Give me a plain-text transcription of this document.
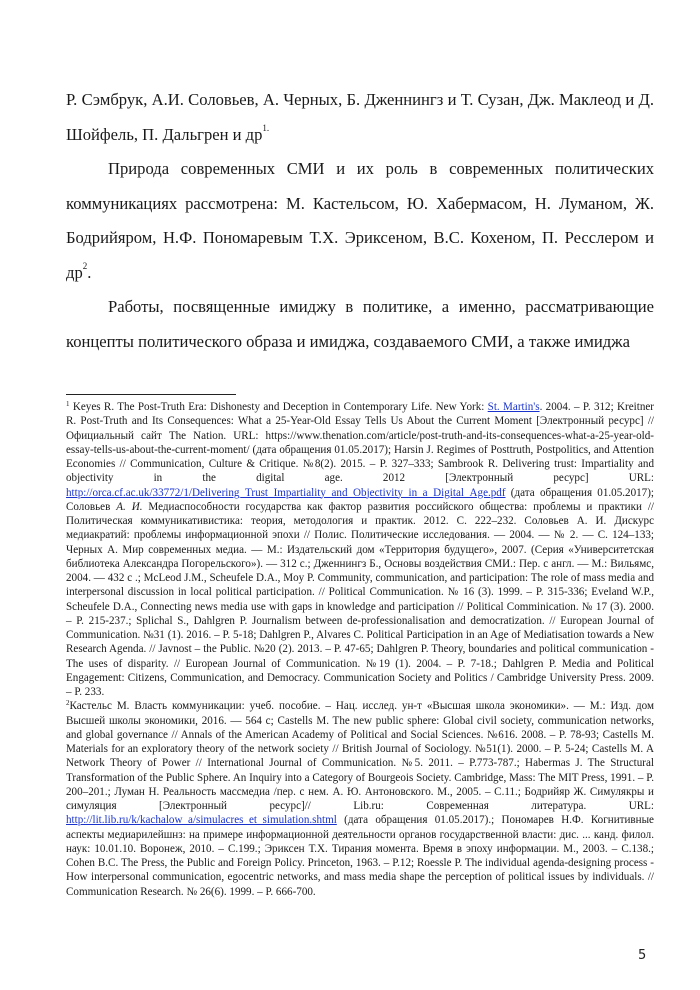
Р. Сэмбрук, А.И. Соловьев, А. Черных, Б. Дженнингз и Т. Сузан, Дж. Маклеод и Д. Шойфель, П. Дальгрен и др$^{1.}$

Природа современных СМИ и их роль в современных политических коммуникациях рассмотрена: М. Кастельсом, Ю. Хабермасом, Н. Луманом, Ж. Бодрийяром, Н.Ф. Пономаревым Т.Х. Эриксеном, В.С. Кохеном, П. Ресслером и др$^2$.

Работы, посвященные имиджу в политике, а именно, рассматривающие концепты политического образа и имиджа, создаваемого СМИ, а также имиджа

$^1$ Keyes R. The Post-Truth Era: Dishonesty and Deception in Contemporary Life. New York: St. Martin's. 2004. – P. 312; Kreitner R. Post-Truth and Its Consequences: What a 25-Year-Old Essay Tells Us About the Current Moment [Электронный ресурс] // Официальный сайт The Nation. URL: https://www.thenation.com/article/post-truth-and-its-consequences-what-a-25-year-old-essay-tells-us-about-the-current-moment/ (дата обращения 01.05.2017); Harsin J. Regimes of Posttruth, Postpolitics, and Attention Economies // Communication, Culture & Critique. №8(2). 2015. – P. 327–333; Sambrook R. Delivering trust: Impartiality and objectivity in the digital age. 2012 [Электронный ресурс] URL: http://orca.cf.ac.uk/33772/1/Delivering_Trust_Impartiality_and_Objectivity_in_a_Digital_Age.pdf (дата обращения 01.05.2017); Соловьев А. И. Медиаспособности государства как фактор развития российского общества: проблемы и практики // Политическая коммуникативистика: теория, методология и практик. 2012. С. 222–232. Соловьев А. И. Дискурс медиакратий: проблемы информационной эпохи // Полис. Политические исследования. — 2004. — № 2. — С. 124–133; Черных А. Мир современных медиа. — М.: Издательский дом «Территория будущего», 2007. (Серия «Университетская библиотека Александра Погорельского»). — 312 с.; Дженнингз Б., Основы воздействия СМИ.: Пер. с англ. — М.: Вильямс, 2004. — 432 с .; McLeod J.M., Scheufele D.A., Moy P. Community, communication, and participation: The role of mass media and interpersonal discussion in local political participation. // Political Communication. № 16 (3). 1999. – P. 315-336; Eveland W.P., Scheufele D.A., Connecting news media use with gaps in knowledge and participation // Political Comminication. № 17 (3). 2000. – P. 215-237.; Splichal S., Dahlgren P. Journalism between de-professionalisation and democratization. // European Journal of Communication. №31 (1). 2016. – P. 5-18; Dahlgren P., Alvares C. Political Participation in an Age of Mediatisation towards a New Research Agenda. // Javnost – the Public. №20 (2). 2013. – P. 47-65; Dahlgren P. Theory, boundaries and political communication - The uses of disparity. // European Journal of Communication. №19 (1). 2004. – P. 7-18.; Dahlgren P. Media and Political Engagement: Citizens, Communication, and Democracy. Communication Society and Politics / Cambridge University Press. 2009. – P. 233.

$^2$Кастельс М. Власть коммуникации: учеб. пособие. – Нац. исслед. ун-т «Высшая школа экономики». — М.: Изд. дом Высшей школы экономики, 2016. — 564 с; Castells M. The new public sphere: Global civil society, communication networks, and global governance // Annals of the American Academy of Political and Social Sciences. №616. 2008. – P. 78-93; Castells M. Materials for an exploratory theory of the network society // British Journal of Sociology. №51(1). 2000. – P. 5-24; Castells M. A Network Theory of Power // International Journal of Communication. №5. 2011. – P.773-787.; Habermas J. The Structural Transformation of the Public Sphere. An Inquiry into a Category of Bourgeois Society. Cambridge, Mass: The MIT Press, 1991. – P. 200–201.; Луман Н. Реальность массмедиа /пер. с нем. А. Ю. Антоновского. М., 2005. – С.11.; Бодрийяр Ж. Симулякры и симуляция [Электронный ресурс]// Lib.ru: Современная литература. URL: http://lit.lib.ru/k/kachalow_a/simulacres_et_simulation.shtml (дата обращения 01.05.2017).; Пономарев Н.Ф. Когнитивные аспекты медиарилейшнз: на примере информационной деятельности органов государственной власти: дис. ... канд. филол. наук: 10.01.10. Воронеж, 2010. – С.199.; Эриксен Т.Х. Тирания момента. Время в эпоху информации. М., 2003. – С.138.; Cohen B.C. The Press, the Public and Foreign Policy. Princeton, 1963. – P.12; Roessle P. The individual agenda-designing process - How interpersonal communication, egocentric networks, and mass media shape the perception of political issues by individuals. // Communication Research. № 26(6). 1999. – P. 666-700.

5
